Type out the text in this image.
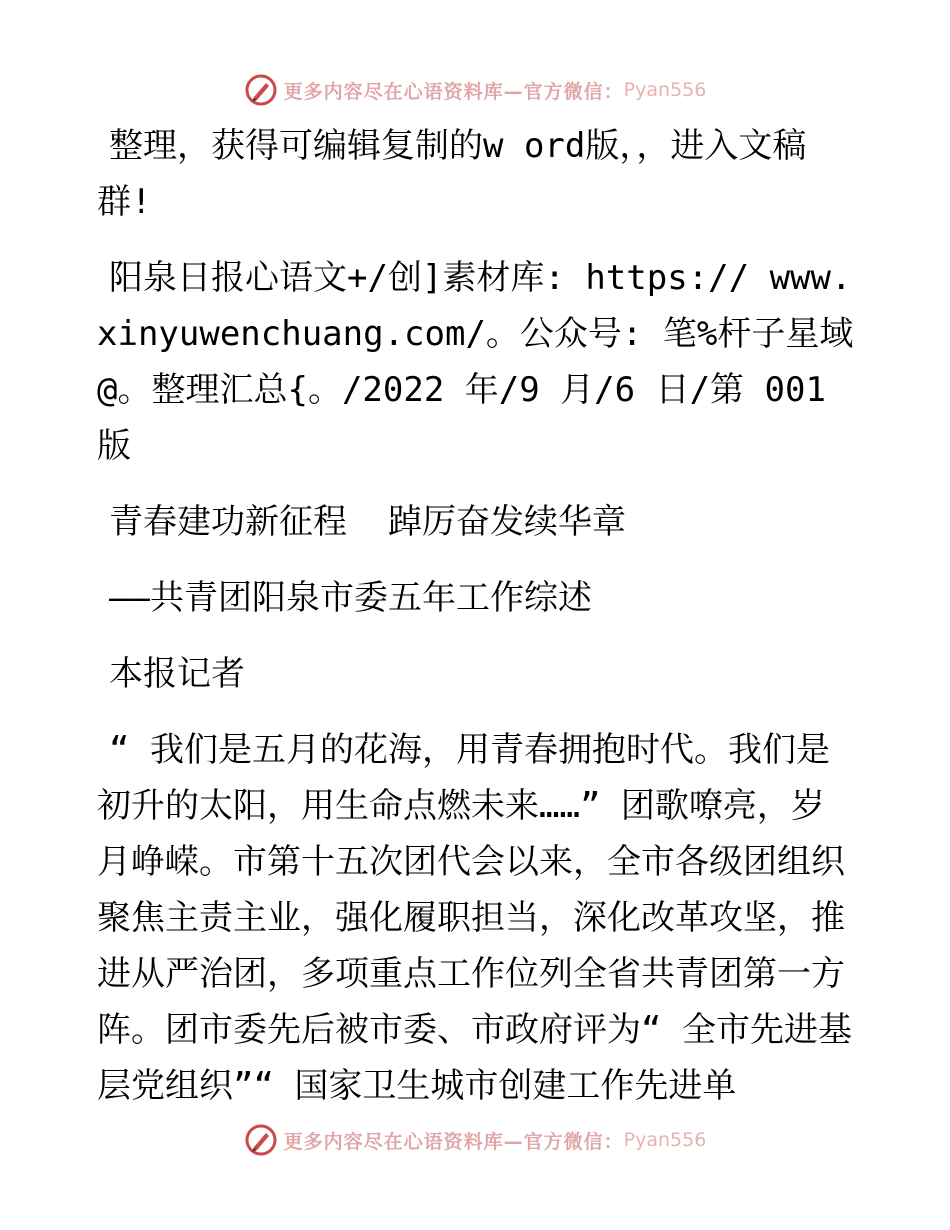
更多内容尽在心语资料库—官方微信： Pyan556

整理，获得可编辑复制的w ord版，，进入文稿群!

阳泉日报心语文+/创]素材库: https:// www.xinyuwenchuang.com/。公众号: 笔%杆子星域@。整理汇总{。/2022 年/9 月/6 日/第 001 版

青春建功新征程  踔厉奋发续华章

——共青团阳泉市委五年工作综述

本报记者

“ 我们是五月的花海，用青春拥抱时代。我们是初升的太阳，用生命点燃未来……” 团歌嘹亮，岁月峥嵘。市第十五次团代会以来，全市各级团组织聚焦主责主业，强化履职担当，深化改革攻坚，推进从严治团，多项重点工作位列全省共青团第一方阵。团市委先后被市委、市政府评为“ 全市先进基层党组织”“ 国家卫生城市创建工作先进单

更多内容尽在心语资料库—官方微信： Pyan556
